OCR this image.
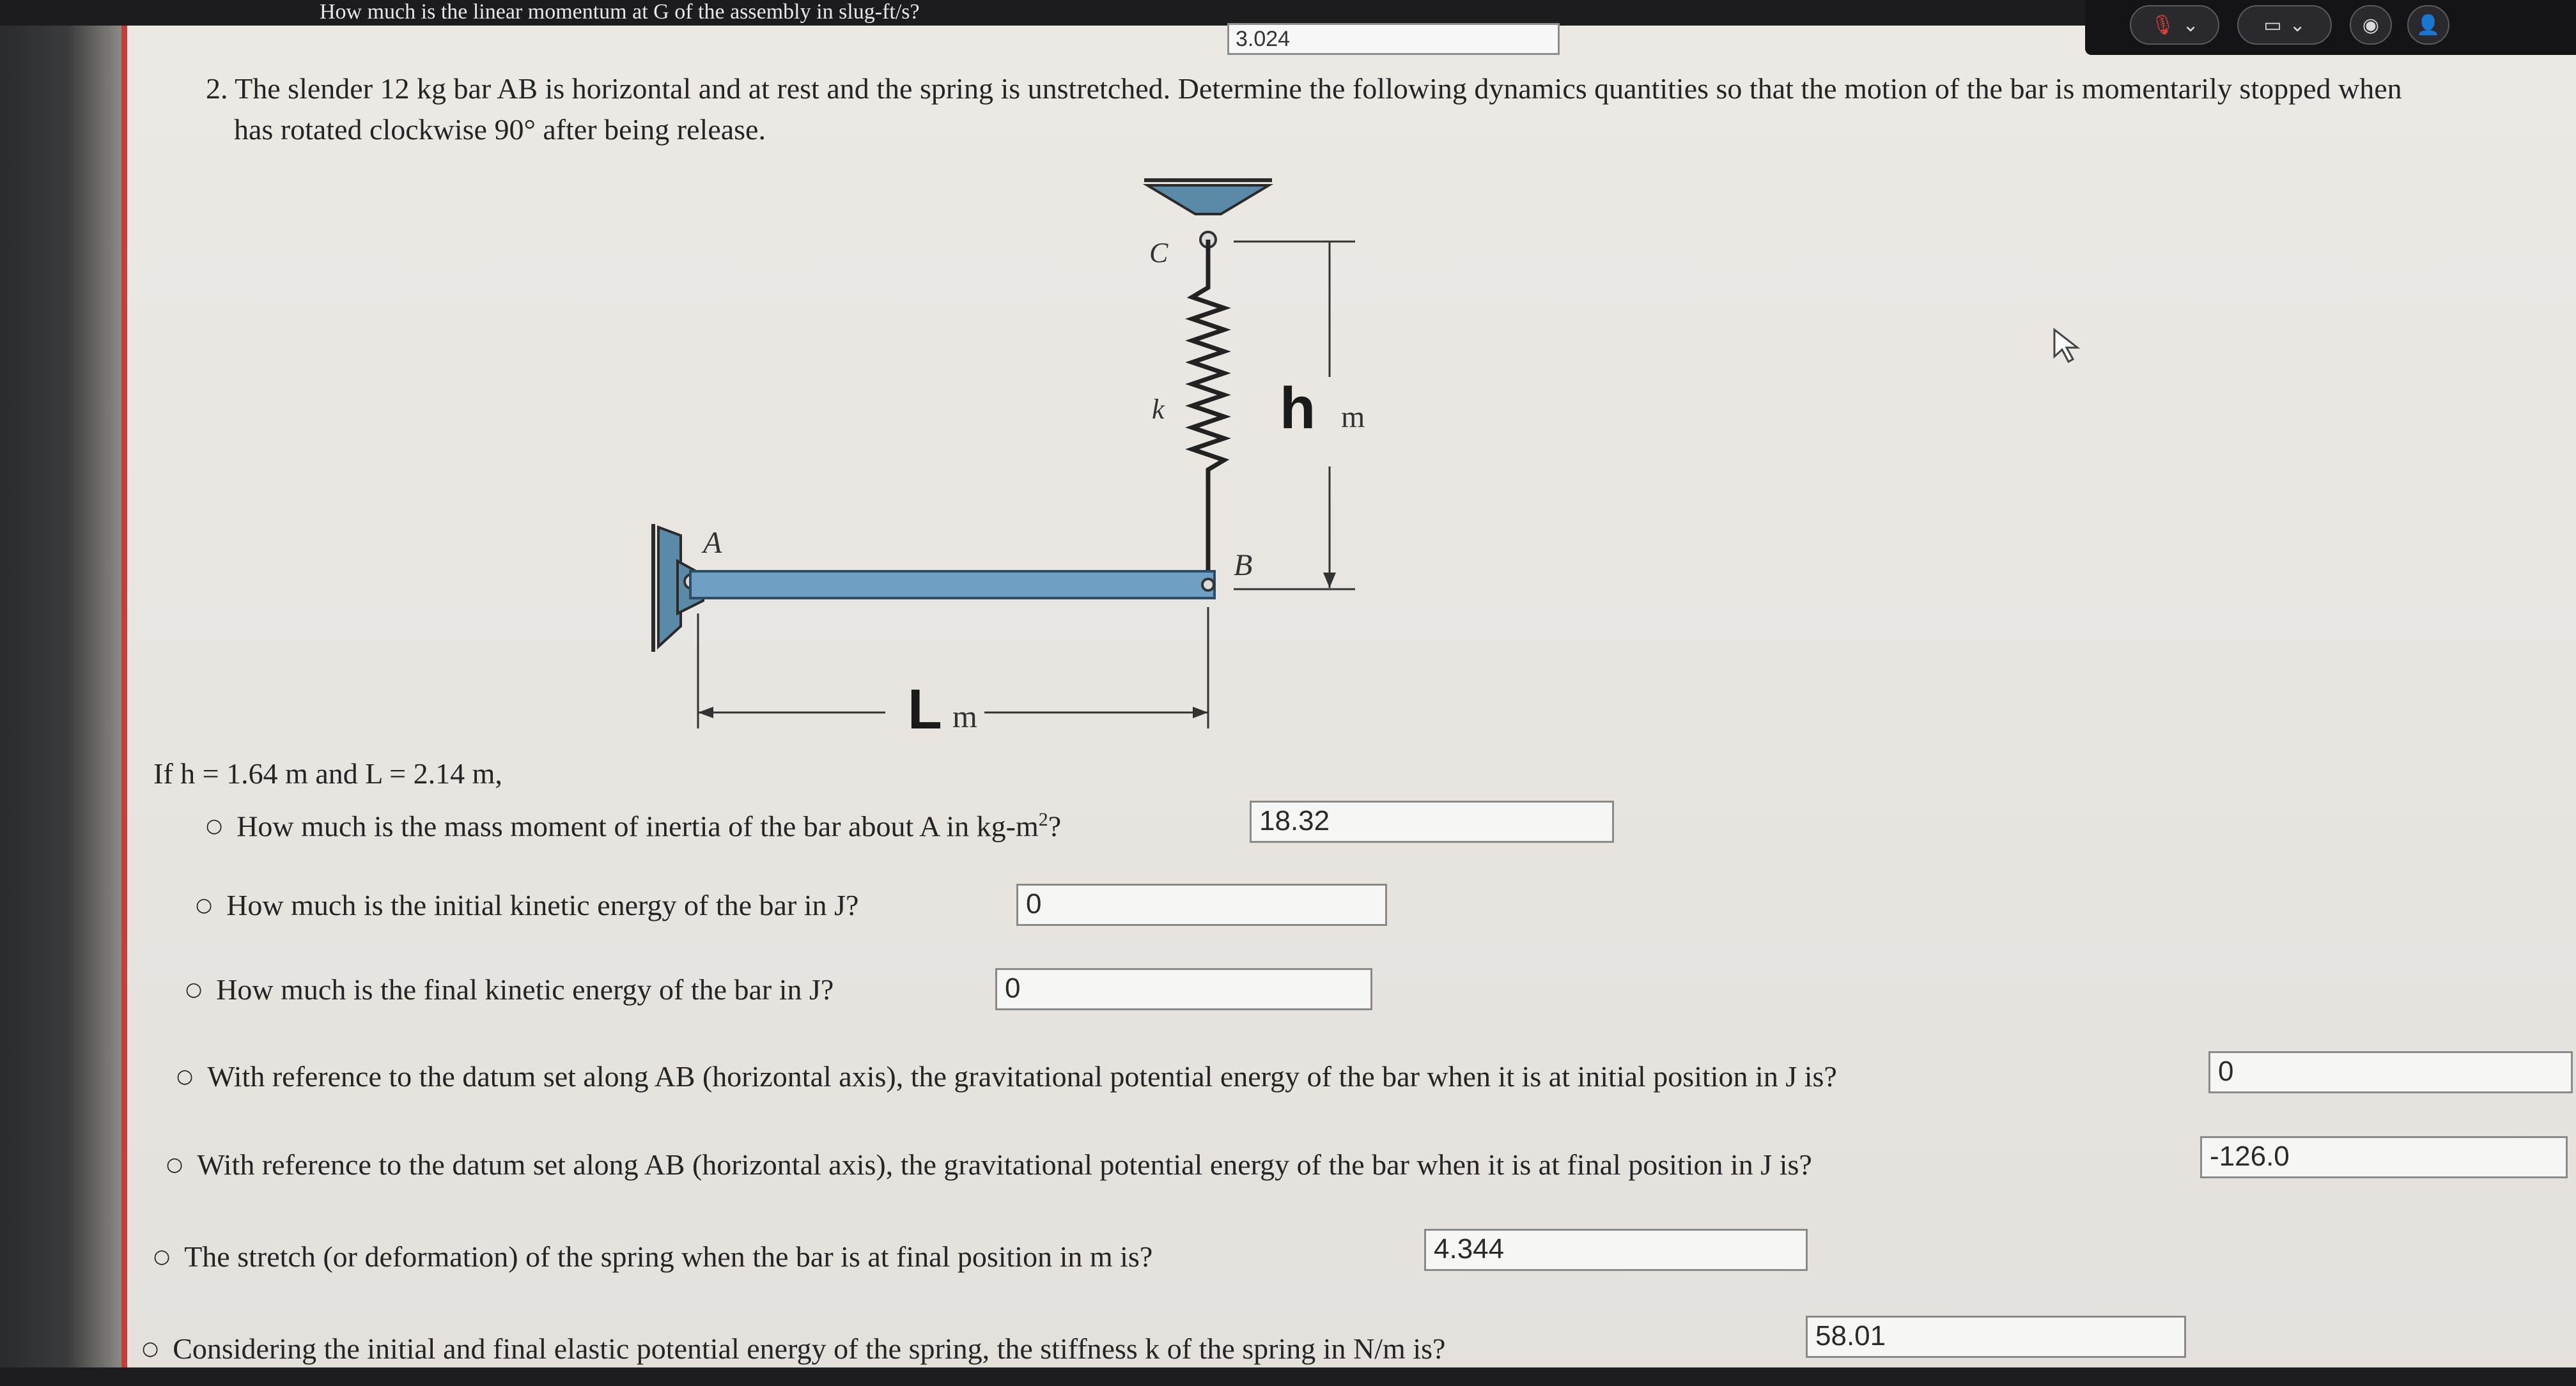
How much is the linear momentum at G of the assembly in slug-ft/s?
3.024
🎙 ⌄	▭ ⌄	◉ 👤
2. The slender 12 kg bar AB is horizontal and at rest and the spring is unstretched. Determine the following dynamics quantities so that the motion of the bar is momentarily stopped when
has rotated clockwise 90° after being release.
C
k h m
A
B
L m
If h = 1.64 m and L = 2.14 m,
○ How much is the mass moment of inertia of the bar about A in $kg-m^2$?	18.32
○ How much is the initial kinetic energy of the bar in J?	0
○ How much is the final kinetic energy of the bar in J?	0
○ With reference to the datum set along AB (horizontal axis), the gravitational potential energy of the bar when it is at initial position in J is?	0
○ With reference to the datum set along AB (horizontal axis), the gravitational potential energy of the bar when it is at final position in J is?	-126.0
○ The stretch (or deformation) of the spring when the bar is at final position in m is?	4.344
○ Considering the initial and final elastic potential energy of the spring, the stiffness k of the spring in N/m is?	58.01
